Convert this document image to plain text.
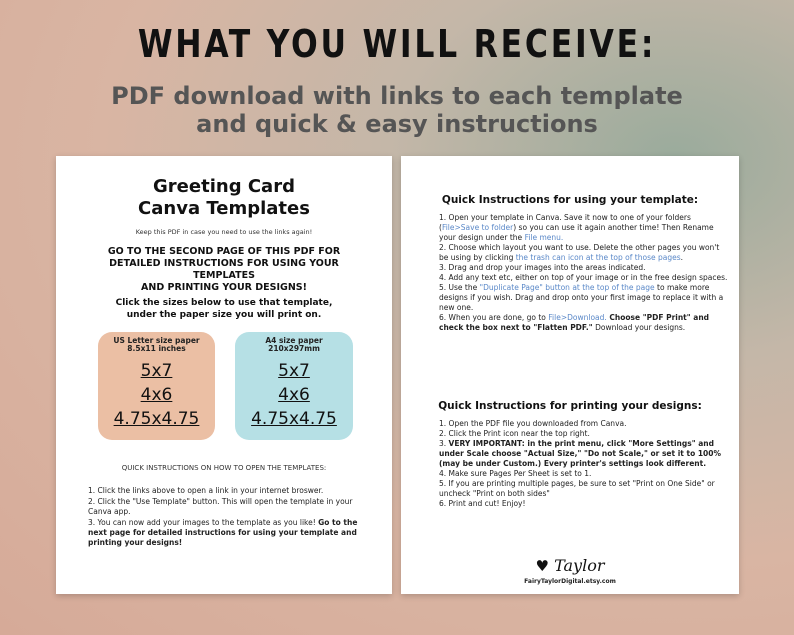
WHAT YOU WILL RECEIVE:
PDF download with links to each template
and quick & easy instructions
Greeting Card
Canva Templates
Keep this PDF in case you need to use the links again!
GO TO THE SECOND PAGE OF THIS PDF FOR
DETAILED INSTRUCTIONS FOR USING YOUR TEMPLATES
AND PRINTING YOUR DESIGNS!
Click the sizes below to use that template,
under the paper size you will print on.
US Letter size paper
8.5x11 inches
5x7
4x6
4.75x4.75
A4 size paper
210x297mm
5x7
4x6
4.75x4.75
QUICK INSTRUCTIONS ON HOW TO OPEN THE TEMPLATES:
1. Click the links above to open a link in your internet broswer.
2. Click the "Use Template" button. This will open the template in your Canva app.
3. You can now add your images to the template as you like! Go to the next page for detailed instructions for using your template and printing your designs!
Quick Instructions for using your template:
1. Open your template in Canva. Save it now to one of your folders (File>Save to folder) so you can use it again another time! Then Rename your design under the File menu.
2. Choose which layout you want to use. Delete the other pages you won't be using by clicking the trash can icon at the top of those pages.
3. Drag and drop your images into the areas indicated.
4. Add any text etc, either on top of your image or in the free design spaces.
5. Use the "Duplicate Page" button at the top of the page to make more designs if you wish. Drag and drop onto your first image to replace it with a new one.
6. When you are done, go to File>Download. Choose "PDF Print" and check the box next to "Flatten PDF." Download your designs.
Quick Instructions for printing your designs:
1. Open the PDF file you downloaded from Canva.
2. Click the Print icon near the top right.
3. VERY IMPORTANT: in the print menu, click "More Settings" and under Scale choose "Actual Size," "Do not Scale," or set it to 100% (may be under Custom.) Every printer's settings look different.
4. Make sure Pages Per Sheet is set to 1.
5. If you are printing multiple pages, be sure to set "Print on One Side" or uncheck "Print on both sides"
6. Print and cut! Enjoy!
♥ Taylor
FairyTaylorDigital.etsy.com
